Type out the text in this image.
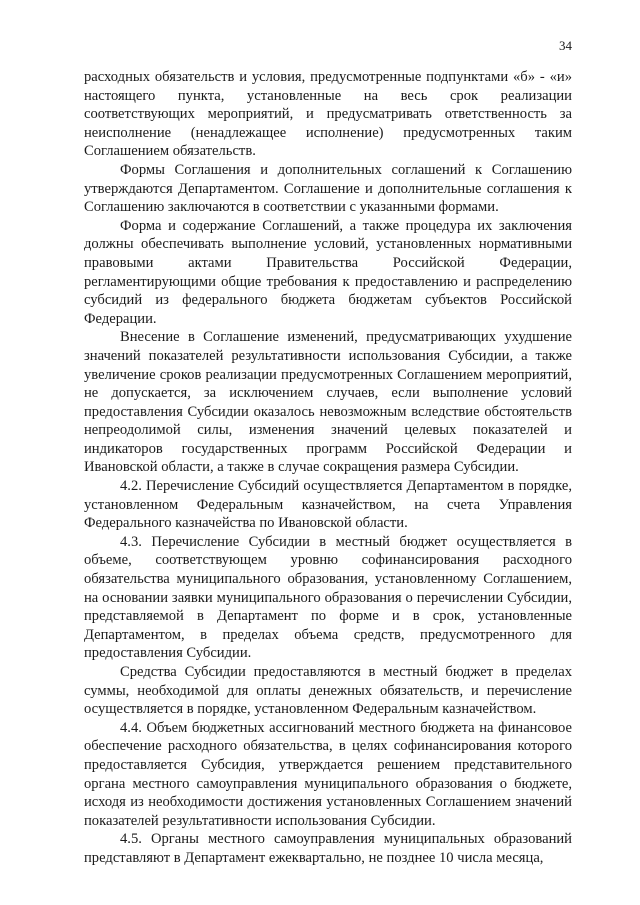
34

расходных обязательств и условия, предусмотренные подпунктами «б» - «и» настоящего пункта, установленные на весь срок реализации соответствующих мероприятий, и предусматривать ответственность за неисполнение (ненадлежащее исполнение) предусмотренных таким Соглашением обязательств.

Формы Соглашения и дополнительных соглашений к Соглашению утверждаются Департаментом. Соглашение и дополнительные соглашения к Соглашению заключаются в соответствии с указанными формами.

Форма и содержание Соглашений, а также процедура их заключения должны обеспечивать выполнение условий, установленных нормативными правовыми актами Правительства Российской Федерации, регламентирующими общие требования к предоставлению и распределению субсидий из федерального бюджета бюджетам субъектов Российской Федерации.

Внесение в Соглашение изменений, предусматривающих ухудшение значений показателей результативности использования Субсидии, а также увеличение сроков реализации предусмотренных Соглашением мероприятий, не допускается, за исключением случаев, если выполнение условий предоставления Субсидии оказалось невозможным вследствие обстоятельств непреодолимой силы, изменения значений целевых показателей и индикаторов государственных программ Российской Федерации и Ивановской области, а также в случае сокращения размера Субсидии.

4.2. Перечисление Субсидий осуществляется Департаментом в порядке, установленном Федеральным казначейством, на счета Управления Федерального казначейства по Ивановской области.

4.3. Перечисление Субсидии в местный бюджет осуществляется в объеме, соответствующем уровню софинансирования расходного обязательства муниципального образования, установленному Соглашением, на основании заявки муниципального образования о перечислении Субсидии, представляемой в Департамент по форме и в срок, установленные Департаментом, в пределах объема средств, предусмотренного для предоставления Субсидии.

Средства Субсидии предоставляются в местный бюджет в пределах суммы, необходимой для оплаты денежных обязательств, и перечисление осуществляется в порядке, установленном Федеральным казначейством.

4.4. Объем бюджетных ассигнований местного бюджета на финансовое обеспечение расходного обязательства, в целях софинансирования которого предоставляется Субсидия, утверждается решением представительного органа местного самоуправления муниципального образования о бюджете, исходя из необходимости достижения установленных Соглашением значений показателей результативности использования Субсидии.

4.5. Органы местного самоуправления муниципальных образований представляют в Департамент ежеквартально, не позднее 10 числа месяца,
